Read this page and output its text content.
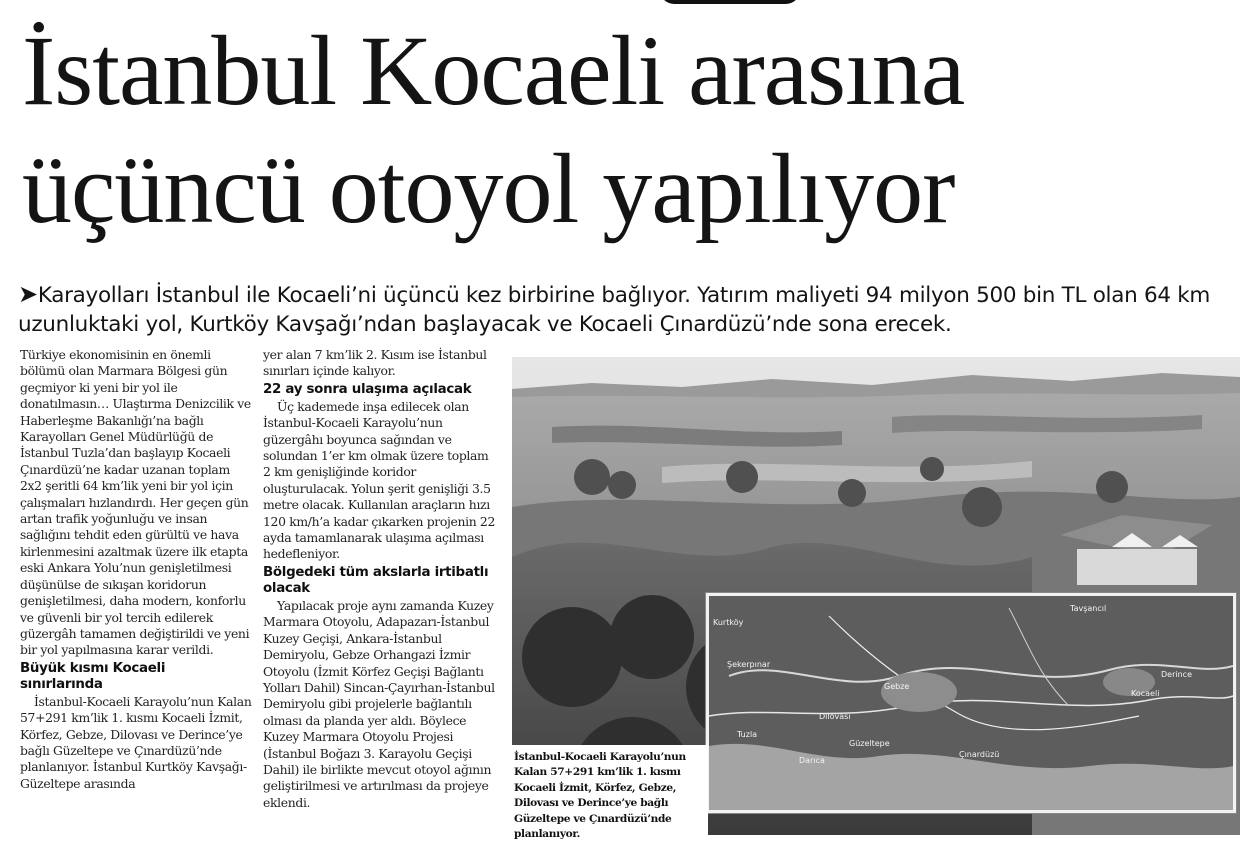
İstanbul Kocaeli arasına
üçüncü otoyol yapılıyor
➤Karayolları İstanbul ile Kocaeli’ni üçüncü kez birbirine bağlıyor. Yatırım maliyeti 94 milyon 500 bin TL olan 64 km uzunluktaki yol, Kurtköy Kavşağı’ndan başlayacak ve Kocaeli Çınardüzü’nde sona erecek.

Türkiye ekonomisinin en önemli bölümü olan Marmara Bölgesi gün geçmiyor ki yeni bir yol ile donatılmasın… Ulaştırma Denizcilik ve Haberleşme Bakanlığı’na bağlı Karayolları Genel Müdürlüğü de İstanbul Tuzla’dan başlayıp Kocaeli Çınardüzü’ne kadar uzanan toplam 2x2 şeritli 64 km’lik yeni bir yol için çalışmaları hızlandırdı. Her geçen gün artan trafik yoğunluğu ve insan sağlığını tehdit eden gürültü ve hava kirlenmesini azaltmak üzere ilk etapta eski Ankara Yolu’nun genişletilmesi düşünülse de sıkışan koridorun genişletilmesi, daha modern, konforlu ve güvenli bir yol tercih edilerek güzergâh tamamen değiştirildi ve yeni bir yol yapılmasına karar verildi.

Büyük kısmı Kocaeli sınırlarında

İstanbul-Kocaeli Karayolu’nun Kalan 57+291 km’lik 1. kısmı Kocaeli İzmit, Körfez, Gebze, Dilovası ve Derince’ye bağlı Güzeltepe ve Çınardüzü’nde planlanıyor. İstanbul Kurtköy Kavşağı-Güzeltepe arasında

yer alan 7 km’lik 2. Kısım ise İstanbul sınırları içinde kalıyor.

22 ay sonra ulaşıma açılacak

Üç kademede inşa edilecek olan İstanbul-Kocaeli Karayolu’nun güzergâhı boyunca sağından ve solundan 1’er km olmak üzere toplam 2 km genişliğinde koridor oluşturulacak. Yolun şerit genişliği 3.5 metre olacak. Kullanılan araçların hızı 120 km/h’a kadar çıkarken projenin 22 ayda tamamlanarak ulaşıma açılması hedefleniyor.

Bölgedeki tüm akslarla irtibatlı olacak

Yapılacak proje aynı zamanda Kuzey Marmara Otoyolu, Adapazarı-İstanbul Kuzey Geçişi, Ankara-İstanbul Demiryolu, Gebze Orhangazi İzmir Otoyolu (İzmit Körfez Geçişi Bağlantı Yolları Dahil) Sincan-Çayırhan-İstanbul Demiryolu gibi projelerle bağlantılı olması da planda yer aldı. Böylece Kuzey Marmara Otoyolu Projesi (İstanbul Boğazı 3. Karayolu Geçişi Dahil) ile birlikte mevcut otoyol ağının geliştirilmesi ve artırılması da projeye eklendi.

Kocaeli
Derince
Tavşancıl
Gebze
Dilovası
Çınardüzü
Şekerpınar
Tuzla
Darıca
Güzeltepe
Kurtköy
İstanbul-Kocaeli Karayolu’nun Kalan 57+291 km’lik 1. kısmı Kocaeli İzmit, Körfez, Gebze, Dilovası ve Derince’ye bağlı Güzeltepe ve Çınardüzü’nde planlanıyor.
